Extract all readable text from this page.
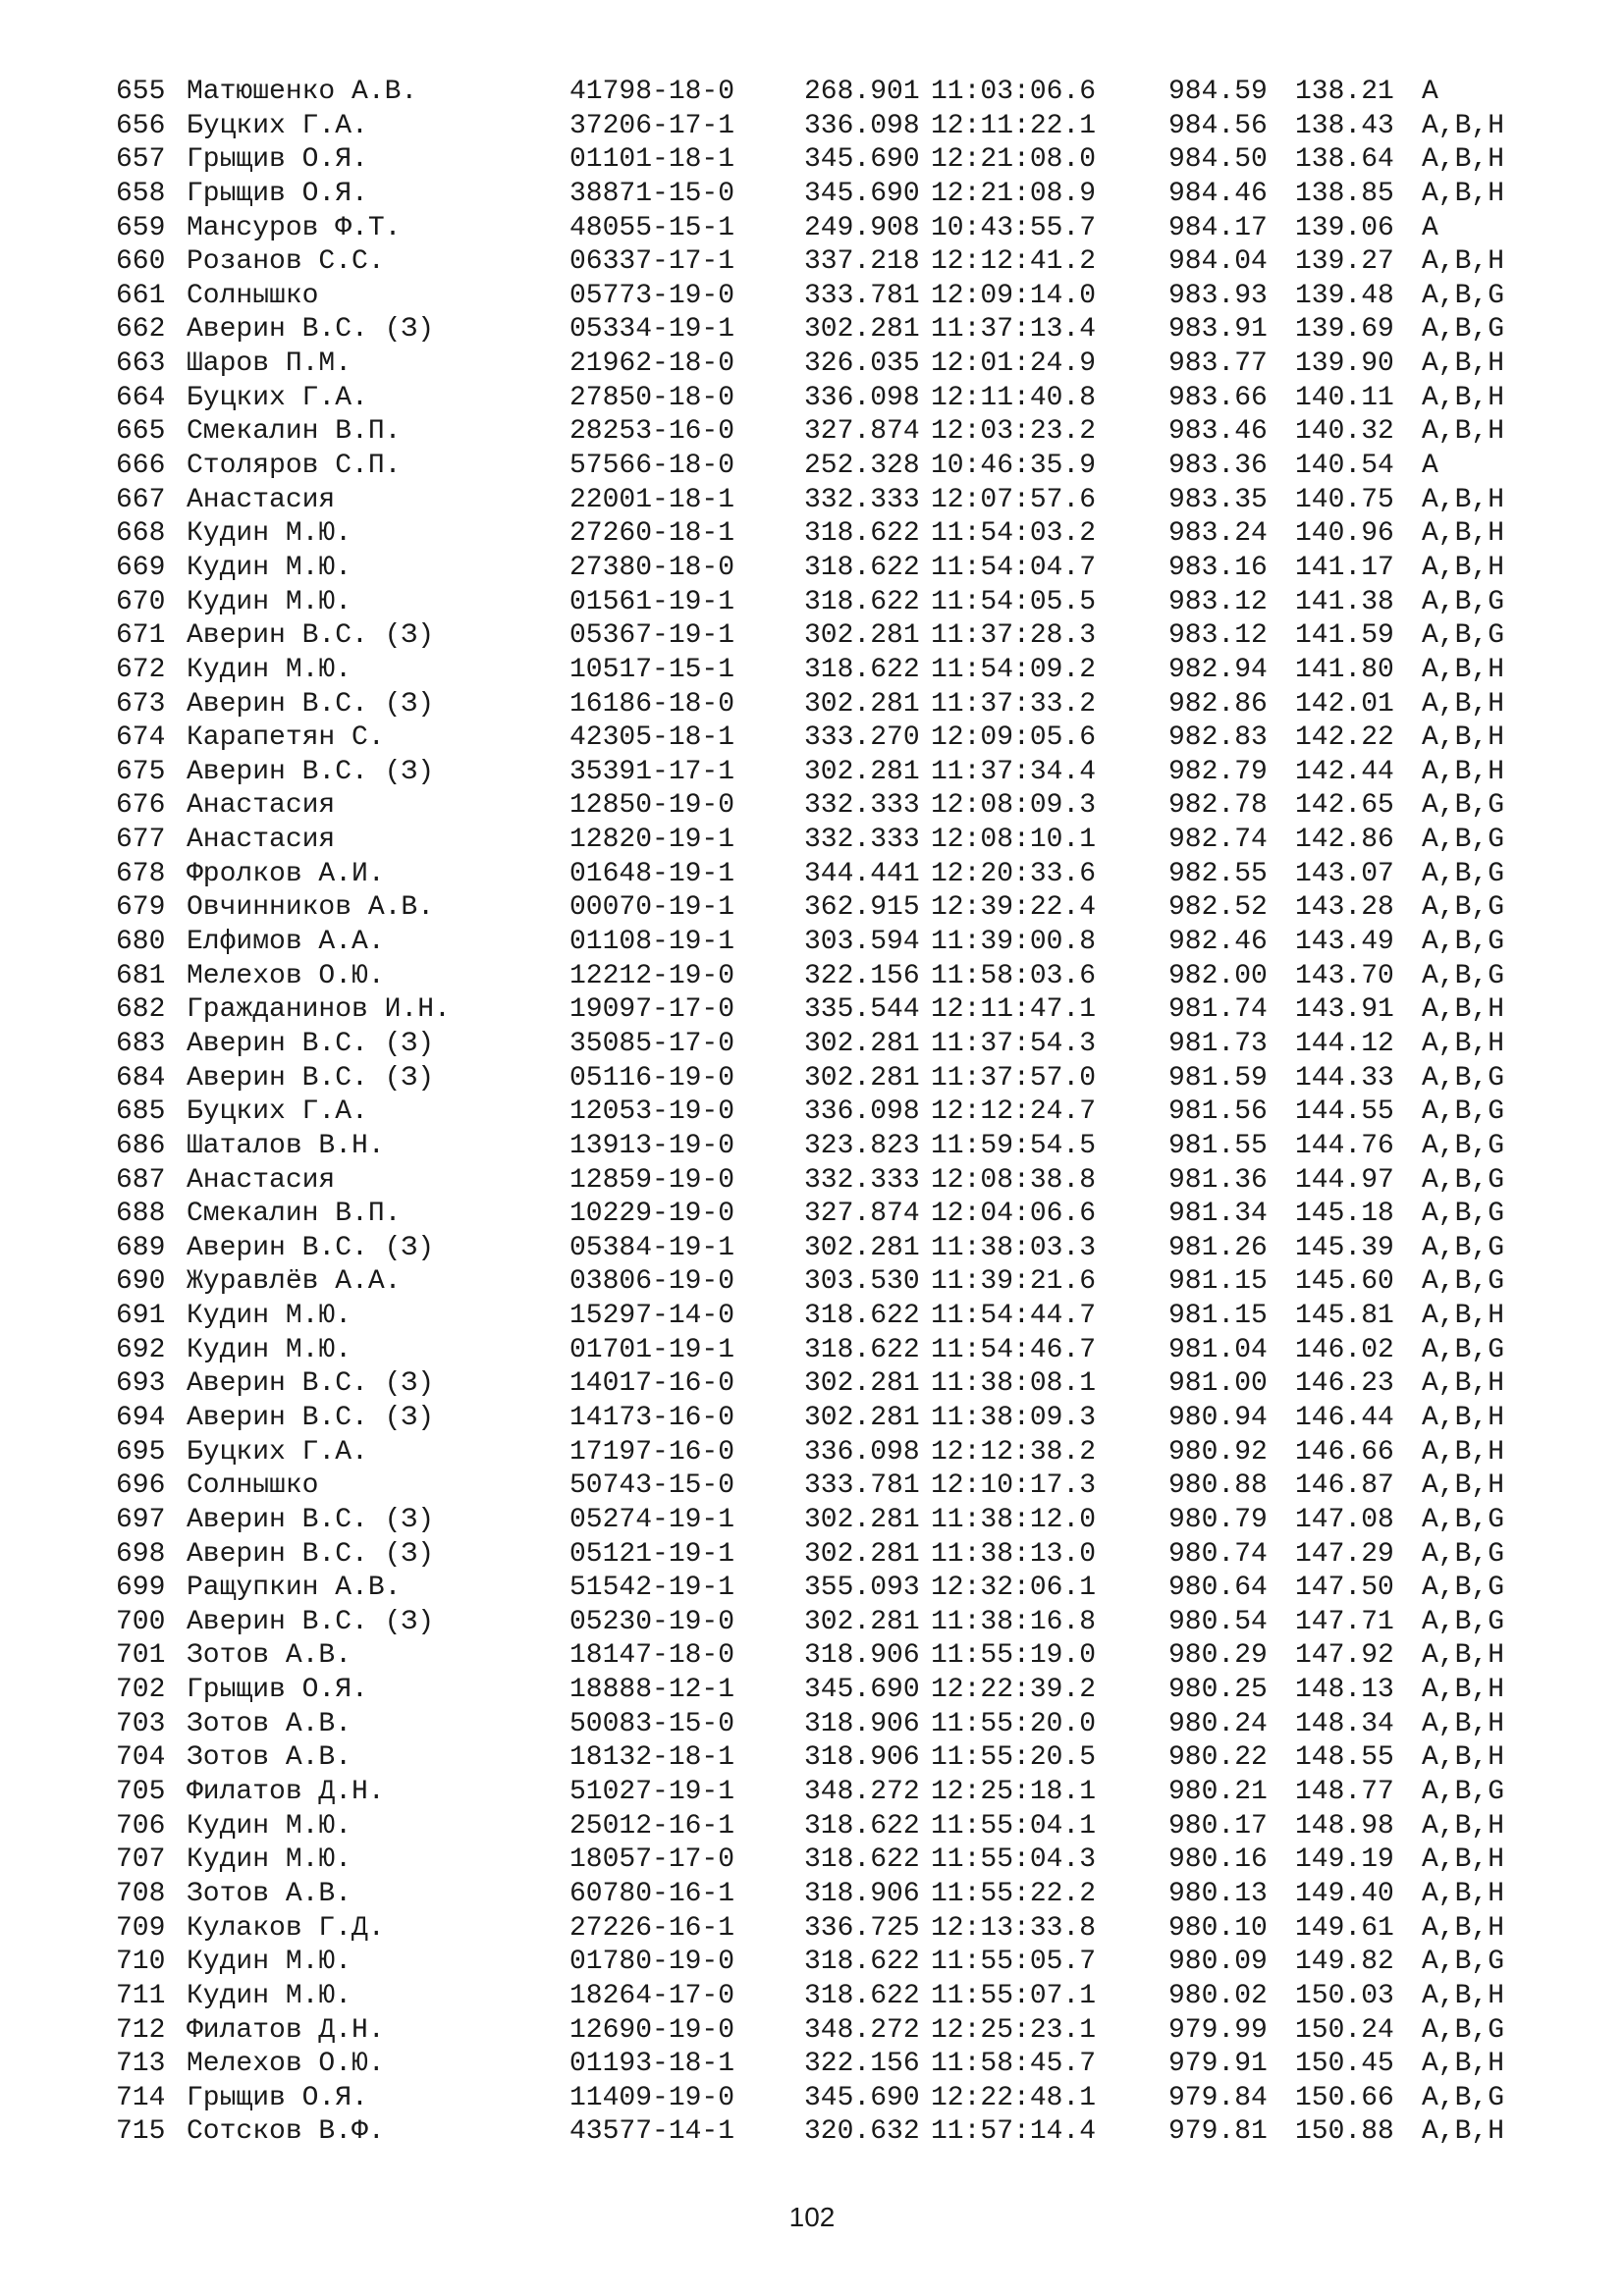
655 Матюшенко А.В.	41798-18-0	268.901 11:03:06.6	984.59 138.21 A
656 Буцких Г.А.	37206-17-1	336.098 12:11:22.1	984.56 138.43 A,B,H
657 Грыщив О.Я.	01101-18-1	345.690 12:21:08.0	984.50 138.64 A,B,H
658 Грыщив О.Я.	38871-15-0	345.690 12:21:08.9	984.46 138.85 A,B,H
659 Мансуров Ф.Т.	48055-15-1	249.908 10:43:55.7	984.17 139.06 A
660 Розанов С.С.	06337-17-1	337.218 12:12:41.2	984.04 139.27 A,B,H
661 Солнышко	05773-19-0	333.781 12:09:14.0	983.93 139.48 A,B,G
662 Аверин В.С. (З)	05334-19-1	302.281 11:37:13.4	983.91 139.69 A,B,G
663 Шаров П.М.	21962-18-0	326.035 12:01:24.9	983.77 139.90 A,B,H
664 Буцких Г.А.	27850-18-0	336.098 12:11:40.8	983.66 140.11 A,B,H
665 Смекалин В.П.	28253-16-0	327.874 12:03:23.2	983.46 140.32 A,B,H
666 Столяров С.П.	57566-18-0	252.328 10:46:35.9	983.36 140.54 A
667 Анастасия	22001-18-1	332.333 12:07:57.6	983.35 140.75 A,B,H
668 Кудин М.Ю.	27260-18-1	318.622 11:54:03.2	983.24 140.96 A,B,H
669 Кудин М.Ю.	27380-18-0	318.622 11:54:04.7	983.16 141.17 A,B,H
670 Кудин М.Ю.	01561-19-1	318.622 11:54:05.5	983.12 141.38 A,B,G
671 Аверин В.С. (З)	05367-19-1	302.281 11:37:28.3	983.12 141.59 A,B,G
672 Кудин М.Ю.	10517-15-1	318.622 11:54:09.2	982.94 141.80 A,B,H
673 Аверин В.С. (З)	16186-18-0	302.281 11:37:33.2	982.86 142.01 A,B,H
674 Карапетян С.	42305-18-1	333.270 12:09:05.6	982.83 142.22 A,B,H
675 Аверин В.С. (З)	35391-17-1	302.281 11:37:34.4	982.79 142.44 A,B,H
676 Анастасия	12850-19-0	332.333 12:08:09.3	982.78 142.65 A,B,G
677 Анастасия	12820-19-1	332.333 12:08:10.1	982.74 142.86 A,B,G
678 Фролков А.И.	01648-19-1	344.441 12:20:33.6	982.55 143.07 A,B,G
679 Овчинников А.В.	00070-19-1	362.915 12:39:22.4	982.52 143.28 A,B,G
680 Елфимов А.А.	01108-19-1	303.594 11:39:00.8	982.46 143.49 A,B,G
681 Мелехов О.Ю.	12212-19-0	322.156 11:58:03.6	982.00 143.70 A,B,G
682 Гражданинов И.Н.	19097-17-0	335.544 12:11:47.1	981.74 143.91 A,B,H
683 Аверин В.С. (З)	35085-17-0	302.281 11:37:54.3	981.73 144.12 A,B,H
684 Аверин В.С. (З)	05116-19-0	302.281 11:37:57.0	981.59 144.33 A,B,G
685 Буцких Г.А.	12053-19-0	336.098 12:12:24.7	981.56 144.55 A,B,G
686 Шаталов В.Н.	13913-19-0	323.823 11:59:54.5	981.55 144.76 A,B,G
687 Анастасия	12859-19-0	332.333 12:08:38.8	981.36 144.97 A,B,G
688 Смекалин В.П.	10229-19-0	327.874 12:04:06.6	981.34 145.18 A,B,G
689 Аверин В.С. (З)	05384-19-1	302.281 11:38:03.3	981.26 145.39 A,B,G
690 Журавлёв А.А.	03806-19-0	303.530 11:39:21.6	981.15 145.60 A,B,G
691 Кудин М.Ю.	15297-14-0	318.622 11:54:44.7	981.15 145.81 A,B,H
692 Кудин М.Ю.	01701-19-1	318.622 11:54:46.7	981.04 146.02 A,B,G
693 Аверин В.С. (З)	14017-16-0	302.281 11:38:08.1	981.00 146.23 A,B,H
694 Аверин В.С. (З)	14173-16-0	302.281 11:38:09.3	980.94 146.44 A,B,H
695 Буцких Г.А.	17197-16-0	336.098 12:12:38.2	980.92 146.66 A,B,H
696 Солнышко	50743-15-0	333.781 12:10:17.3	980.88 146.87 A,B,H
697 Аверин В.С. (З)	05274-19-1	302.281 11:38:12.0	980.79 147.08 A,B,G
698 Аверин В.С. (З)	05121-19-1	302.281 11:38:13.0	980.74 147.29 A,B,G
699 Ращупкин А.В.	51542-19-1	355.093 12:32:06.1	980.64 147.50 A,B,G
700 Аверин В.С. (З)	05230-19-0	302.281 11:38:16.8	980.54 147.71 A,B,G
701 Зотов А.В.	18147-18-0	318.906 11:55:19.0	980.29 147.92 A,B,H
702 Грыщив О.Я.	18888-12-1	345.690 12:22:39.2	980.25 148.13 A,B,H
703 Зотов А.В.	50083-15-0	318.906 11:55:20.0	980.24 148.34 A,B,H
704 Зотов А.В.	18132-18-1	318.906 11:55:20.5	980.22 148.55 A,B,H
705 Филатов Д.Н.	51027-19-1	348.272 12:25:18.1	980.21 148.77 A,B,G
706 Кудин М.Ю.	25012-16-1	318.622 11:55:04.1	980.17 148.98 A,B,H
707 Кудин М.Ю.	18057-17-0	318.622 11:55:04.3	980.16 149.19 A,B,H
708 Зотов А.В.	60780-16-1	318.906 11:55:22.2	980.13 149.40 A,B,H
709 Кулаков Г.Д.	27226-16-1	336.725 12:13:33.8	980.10 149.61 A,B,H
710 Кудин М.Ю.	01780-19-0	318.622 11:55:05.7	980.09 149.82 A,B,G
711 Кудин М.Ю.	18264-17-0	318.622 11:55:07.1	980.02 150.03 A,B,H
712 Филатов Д.Н.	12690-19-0	348.272 12:25:23.1	979.99 150.24 A,B,G
713 Мелехов О.Ю.	01193-18-1	322.156 11:58:45.7	979.91 150.45 A,B,H
714 Грыщив О.Я.	11409-19-0	345.690 12:22:48.1	979.84 150.66 A,B,G
715 Сотсков В.Ф.	43577-14-1	320.632 11:57:14.4	979.81 150.88 A,B,H
102
